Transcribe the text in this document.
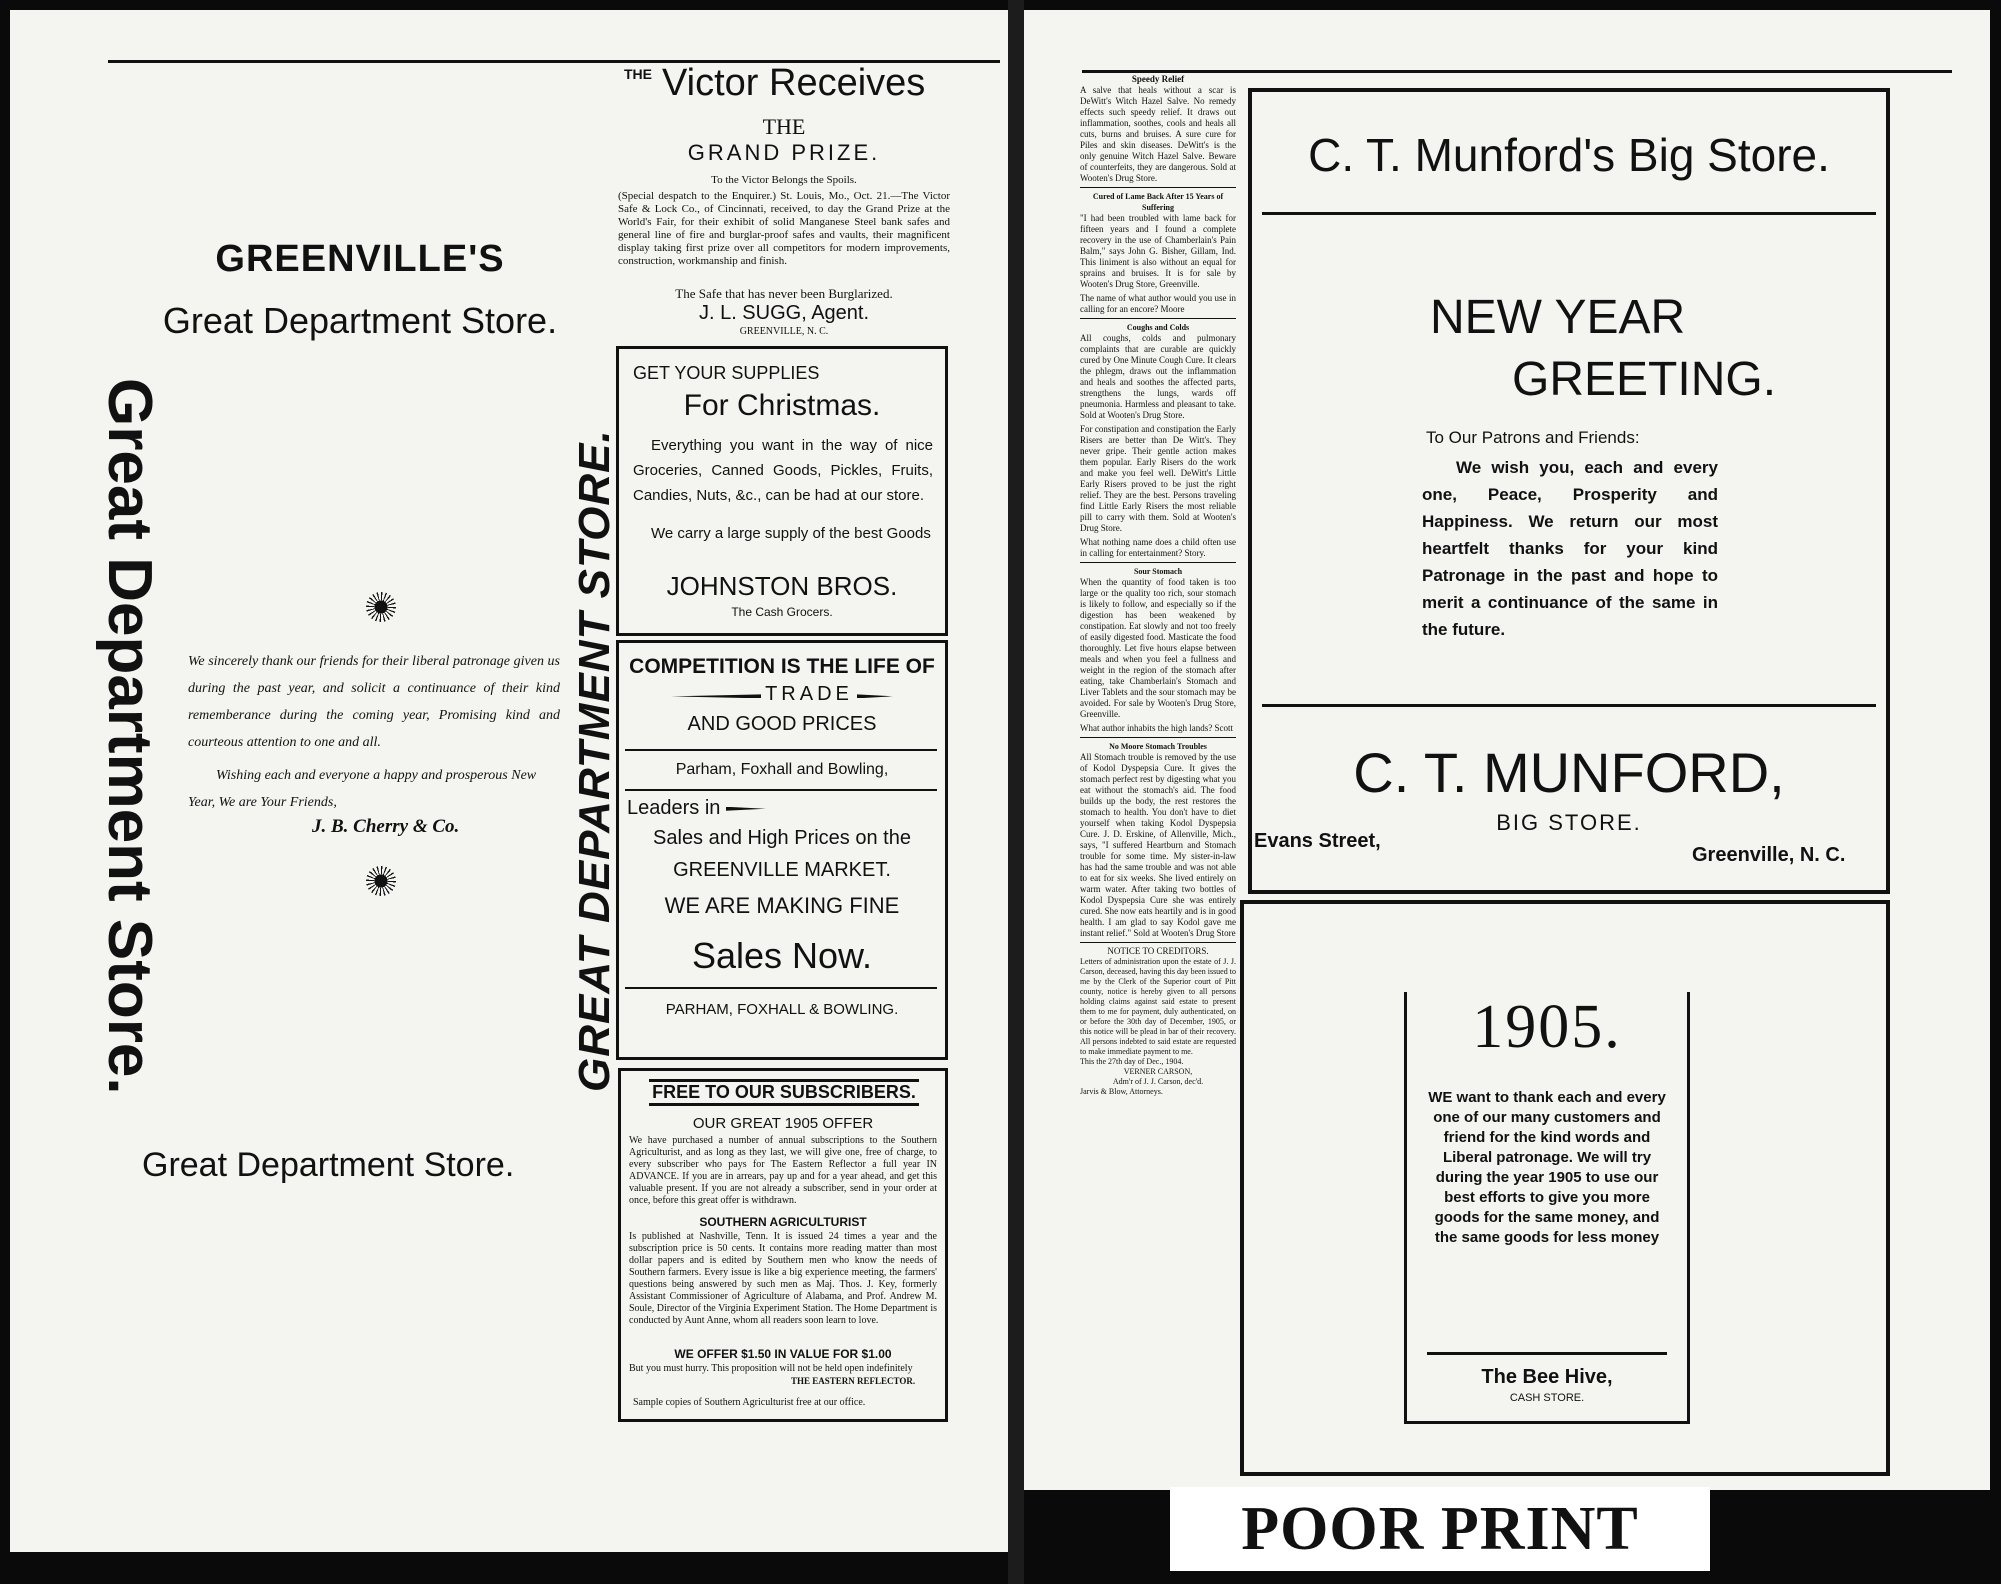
GREENVILLE'S
Great Department Store.
Great Department Store. We sincerely thank our friends for their liberal patronage given us during the past year, and solicit a continuance of their kind rememberance during the coming year, Promising kind and courteous attention to one and all.
Wishing each and everyone a happy and prosperous New Year, We are Your Friends,
J. B. Cherry & Co.
Great Department Store.
GREAT DEPARTMENT STORE.
THE Victor Receives
THE
GRAND PRIZE.
To the Victor Belongs the Spoils.
(Special despatch to the Enquirer.) St. Louis, Mo., Oct. 21.—The Victor Safe & Lock Co., of Cincinnati, received, to day the Grand Prize at the World's Fair, for their exhibit of solid Manganese Steel bank safes and general line of fire and burglar-proof safes and vaults, their magnificent display taking first prize over all competitors for modern improvements, construction, workmanship and finish.
The Safe that has never been Burglarized.
J. L. SUGG, Agent.
GREENVILLE, N. C.
GET YOUR SUPPLIES
For Christmas.
Everything you want in the way of nice Groceries, Canned Goods, Pickles, Fruits, Candies, Nuts, &c., can be had at our store.
We carry a large supply of the best Goods
JOHNSTON BROS.
The Cash Grocers.
COMPETITION IS THE LIFE OF
TRADE
AND GOOD PRICES
Parham, Foxhall and Bowling,
Leaders in
Sales and High Prices on the
GREENVILLE MARKET.
WE ARE MAKING FINE
Sales Now.
PARHAM, FOXHALL & BOWLING.
FREE TO OUR SUBSCRIBERS.
OUR GREAT 1905 OFFER
We have purchased a number of annual subscriptions to the Southern Agriculturist, and as long as they last, we will give one, free of charge, to every subscriber who pays for The Eastern Reflector a full year IN ADVANCE. If you are in arrears, pay up and for a year ahead, and get this valuable present. If you are not already a subscriber, send in your order at once, before this great offer is withdrawn.
SOUTHERN AGRICULTURIST
Is published at Nashville, Tenn. It is issued 24 times a year and the subscription price is 50 cents. It contains more reading matter than most dollar papers and is edited by Southern men who know the needs of Southern farmers. Every issue is like a big experience meeting, the farmers' questions being answered by such men as Maj. Thos. J. Key, formerly Assistant Commissioner of Agriculture of Alabama, and Prof. Andrew M. Soule, Director of the Virginia Experiment Station. The Home Department is conducted by Aunt Anne, whom all readers soon learn to love.
WE OFFER $1.50 IN VALUE FOR $1.00
But you must hurry. This proposition will not be held open indefinitely
THE EASTERN REFLECTOR.
Sample copies of Southern Agriculturist free at our office.
Speedy Relief
A salve that heals without a scar is DeWitt's Witch Hazel Salve. No remedy effects such speedy relief. It draws out inflammation, soothes, cools and heals all cuts, burns and bruises. A sure cure for Piles and skin diseases. DeWitt's is the only genuine Witch Hazel Salve. Beware of counterfeits, they are dangerous. Sold at Wooten's Drug Store.
Cured of Lame Back After 15 Years of Suffering
"I had been troubled with lame back for fifteen years and I found a complete recovery in the use of Chamberlain's Pain Balm," says John G. Bisher, Gillam, Ind. This liniment is also without an equal for sprains and bruises. It is for sale by Wooten's Drug Store, Greenville.
The name of what author would you use in calling for an encore? Moore
Coughs and Colds
All coughs, colds and pulmonary complaints that are curable are quickly cured by One Minute Cough Cure. It clears the phlegm, draws out the inflammation and heals and soothes the affected parts, strengthens the lungs, wards off pneumonia. Harmless and pleasant to take. Sold at Wooten's Drug Store.
For constipation and constipation the Early Risers are better than De Witt's. They never gripe. Their gentle action makes them popular. Early Risers do the work and make you feel well. DeWitt's Little Early Risers proved to be just the right relief. They are the best. Persons traveling find Little Early Risers the most reliable pill to carry with them. Sold at Wooten's Drug Store.
What nothing name does a child often use in calling for entertainment? Story.
Sour Stomach
When the quantity of food taken is too large or the quality too rich, sour stomach is likely to follow, and especially so if the digestion has been weakened by constipation. Eat slowly and not too freely of easily digested food. Masticate the food thoroughly. Let five hours elapse between meals and when you feel a fullness and weight in the region of the stomach after eating, take Chamberlain's Stomach and Liver Tablets and the sour stomach may be avoided. For sale by Wooten's Drug Store, Greenville.
What author inhabits the high lands? Scott
No Moore Stomach Troubles
All Stomach trouble is removed by the use of Kodol Dyspepsia Cure. It gives the stomach perfect rest by digesting what you eat without the stomach's aid. The food builds up the body, the rest restores the stomach to health. You don't have to diet yourself when taking Kodol Dyspepsia Cure. J. D. Erskine, of Allenville, Mich., says, "I suffered Heartburn and Stomach trouble for some time. My sister-in-law has had the same trouble and was not able to eat for six weeks. She lived entirely on warm water. After taking two bottles of Kodol Dyspepsia Cure she was entirely cured. She now eats heartily and is in good health. I am glad to say Kodol gave me instant relief." Sold at Wooten's Drug Store
NOTICE TO CREDITORS.
Letters of administration upon the estate of J. J. Carson, deceased, having this day been issued to me by the Clerk of the Superior court of Pitt county, notice is hereby given to all persons holding claims against said estate to present them to me for payment, duly authenticated, on or before the 30th day of December, 1905, or this notice will be plead in bar of their recovery. All persons indebted to said estate are requested to make immediate payment to me.
This the 27th day of Dec., 1904.
VERNER CARSON,
Adm'r of J. J. Carson, dec'd.
Jarvis & Blow, Attorneys.
C. T. Munford's Big Store.
NEW YEAR
GREETING.
To Our Patrons and Friends:
We wish you, each and every one, Peace, Prosperity and Happiness. We return our most heartfelt thanks for your kind Patronage in the past and hope to merit a continuance of the same in the future.
C. T. MUNFORD,
BIG STORE.
Evans Street,
Greenville, N. C.
1905.
WE want to thank each and every one of our many customers and friend for the kind words and Liberal patronage. We will try during the year 1905 to use our best efforts to give you more goods for the same money, and the same goods for less money
The Bee Hive,
CASH STORE.
POOR PRINT
